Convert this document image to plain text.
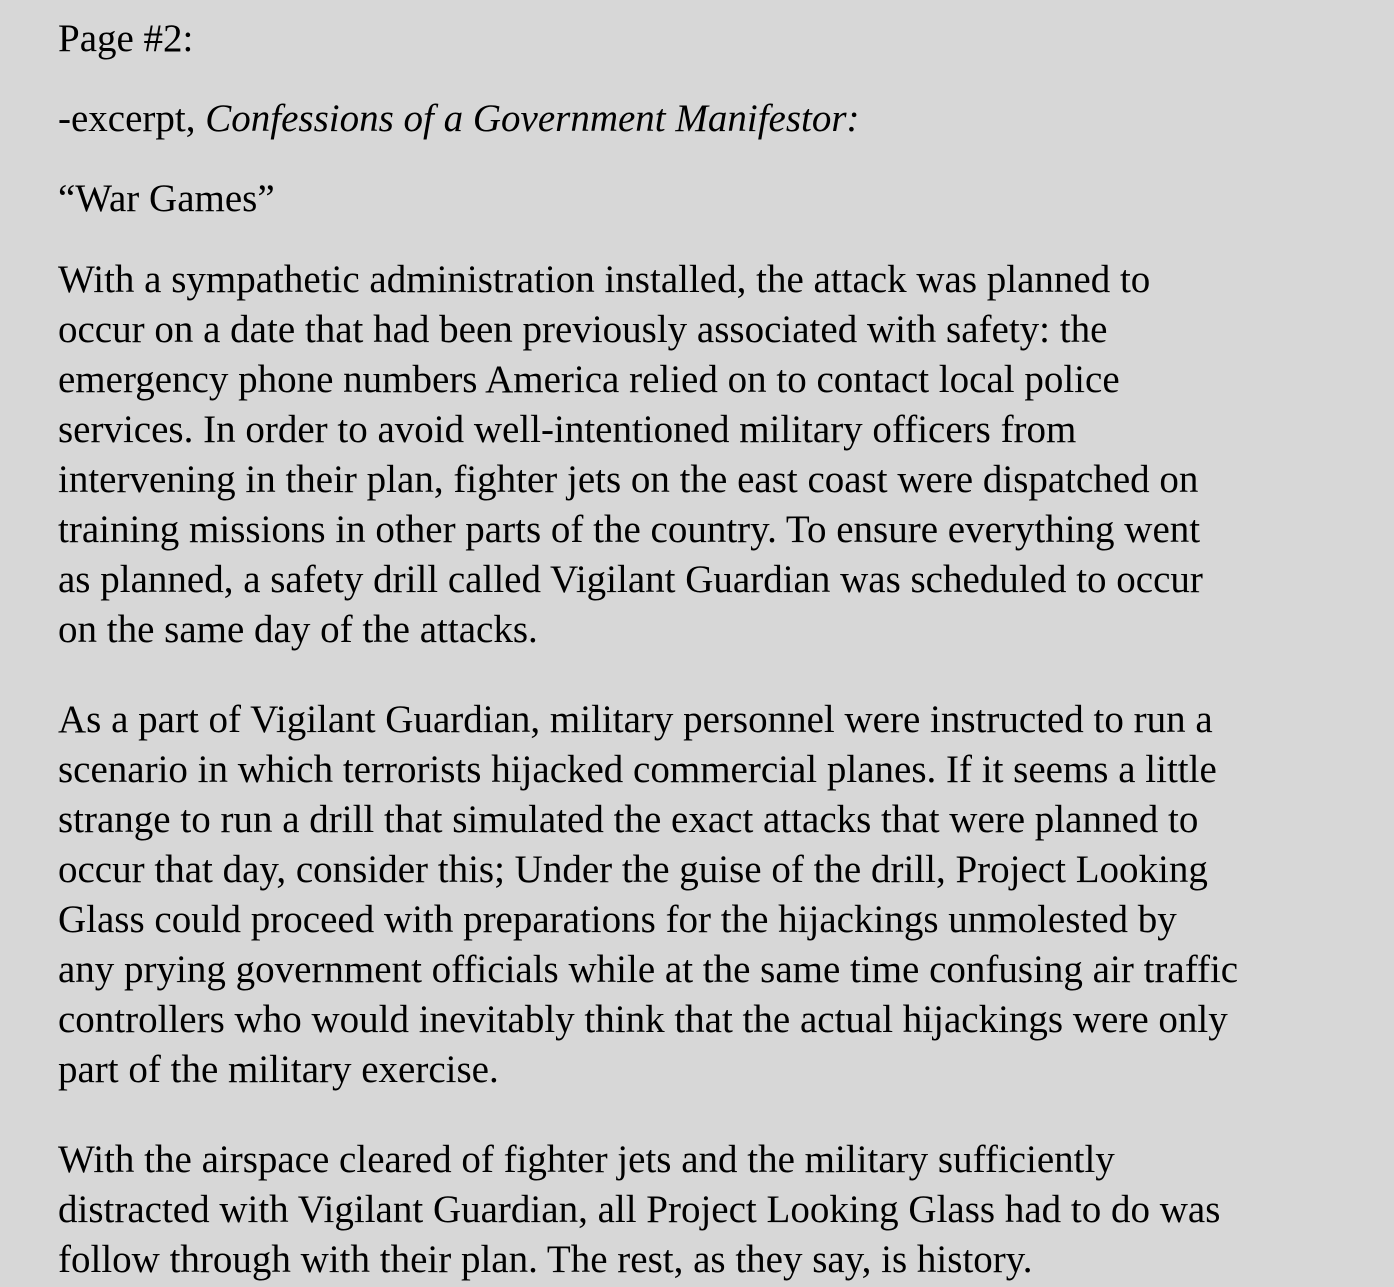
Page #2:

-excerpt, Confessions of a Government Manifestor:

“War Games”

With a sympathetic administration installed, the attack was planned to
occur on a date that had been previously associated with safety: the
emergency phone numbers America relied on to contact local police
services. In order to avoid well-intentioned military officers from
intervening in their plan, fighter jets on the east coast were dispatched on
training missions in other parts of the country. To ensure everything went
as planned, a safety drill called Vigilant Guardian was scheduled to occur
on the same day of the attacks.

As a part of Vigilant Guardian, military personnel were instructed to run a
scenario in which terrorists hijacked commercial planes. If it seems a little
strange to run a drill that simulated the exact attacks that were planned to
occur that day, consider this; Under the guise of the drill, Project Looking
Glass could proceed with preparations for the hijackings unmolested by
any prying government officials while at the same time confusing air traffic
controllers who would inevitably think that the actual hijackings were only
part of the military exercise.

With the airspace cleared of fighter jets and the military sufficiently
distracted with Vigilant Guardian, all Project Looking Glass had to do was
follow through with their plan. The rest, as they say, is history.
